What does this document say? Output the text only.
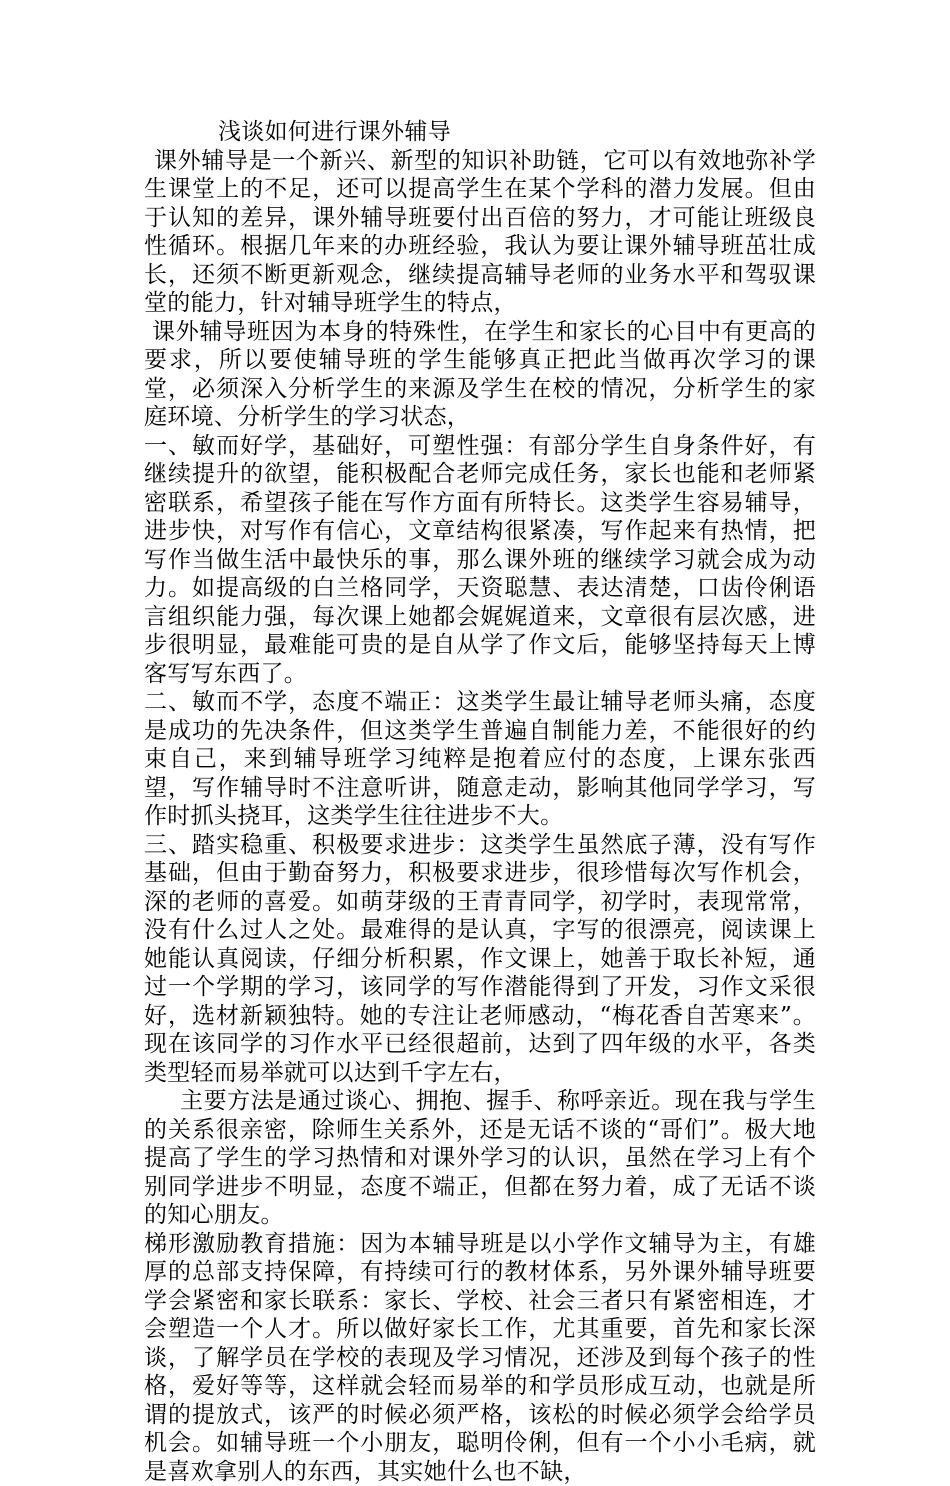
浅谈如何进行课外辅导

课外辅导是一个新兴、新型的知识补助链，它可以有效地弥补学生课堂上的不足，还可以提高学生在某个学科的潜力发展。但由于认知的差异，课外辅导班要付出百倍的努力，才可能让班级良性循环。根据几年来的办班经验，我认为要让课外辅导班茁壮成长，还须不断更新观念，继续提高辅导老师的业务水平和驾驭课堂的能力，针对辅导班学生的特点，

课外辅导班因为本身的特殊性，在学生和家长的心目中有更高的要求，所以要使辅导班的学生能够真正把此当做再次学习的课堂，必须深入分析学生的来源及学生在校的情况，分析学生的家庭环境、分析学生的学习状态，

一、敏而好学，基础好，可塑性强：有部分学生自身条件好，有继续提升的欲望，能积极配合老师完成任务，家长也能和老师紧密联系，希望孩子能在写作方面有所特长。这类学生容易辅导，进步快，对写作有信心，文章结构很紧凑，写作起来有热情，把写作当做生活中最快乐的事，那么课外班的继续学习就会成为动力。如提高级的白兰格同学，天资聪慧、表达清楚，口齿伶俐语言组织能力强，每次课上她都会娓娓道来，文章很有层次感，进步很明显，最难能可贵的是自从学了作文后，能够坚持每天上博客写写东西了。

二、敏而不学，态度不端正：这类学生最让辅导老师头痛，态度是成功的先决条件，但这类学生普遍自制能力差，不能很好的约束自己，来到辅导班学习纯粹是抱着应付的态度，上课东张西望，写作辅导时不注意听讲，随意走动，影响其他同学学习，写作时抓头挠耳，这类学生往往进步不大。

三、踏实稳重、积极要求进步：这类学生虽然底子薄，没有写作基础，但由于勤奋努力，积极要求进步，很珍惜每次写作机会，深的老师的喜爱。如萌芽级的王青青同学，初学时，表现常常，没有什么过人之处。最难得的是认真，字写的很漂亮，阅读课上她能认真阅读，仔细分析积累，作文课上，她善于取长补短，通过一个学期的学习，该同学的写作潜能得到了开发，习作文采很好，选材新颖独特。她的专注让老师感动，“梅花香自苦寒来”。现在该同学的习作水平已经很超前，达到了四年级的水平，各类类型轻而易举就可以达到千字左右，

主要方法是通过谈心、拥抱、握手、称呼亲近。现在我与学生的关系很亲密，除师生关系外，还是无话不谈的“哥们”。极大地提高了学生的学习热情和对课外学习的认识，虽然在学习上有个别同学进步不明显，态度不端正，但都在努力着，成了无话不谈的知心朋友。

梯形激励教育措施：因为本辅导班是以小学作文辅导为主，有雄厚的总部支持保障，有持续可行的教材体系，另外课外辅导班要学会紧密和家长联系：家长、学校、社会三者只有紧密相连，才会塑造一个人才。所以做好家长工作，尤其重要，首先和家长深谈，了解学员在学校的表现及学习情况，还涉及到每个孩子的性格，爱好等等，这样就会轻而易举的和学员形成互动，也就是所谓的提放式，该严的时候必须严格，该松的时候必须学会给学员机会。如辅导班一个小朋友，聪明伶俐，但有一个小小毛病，就是喜欢拿别人的东西，其实她什么也不缺，
